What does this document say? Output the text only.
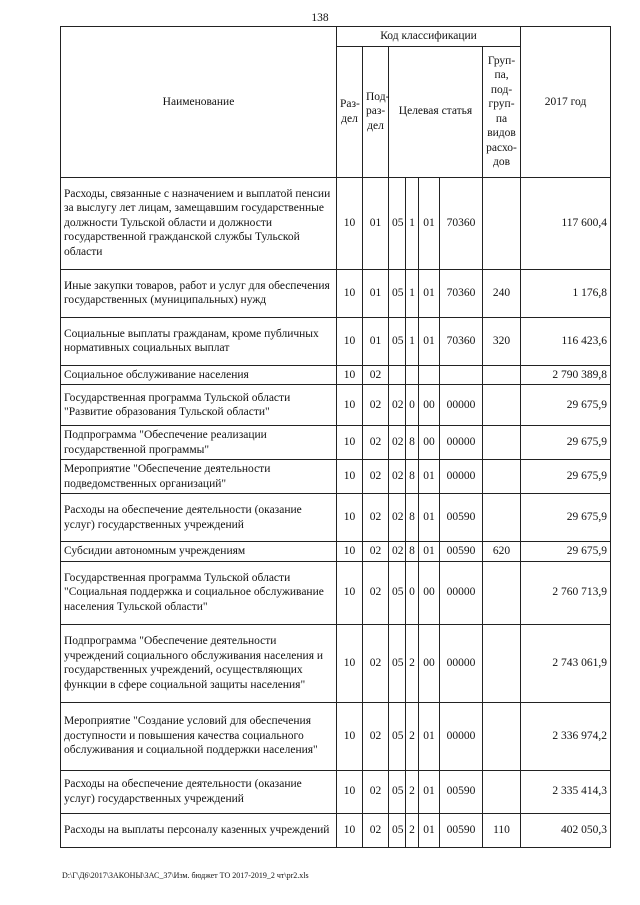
138
Наименование	Код классификации							2017 год
	Раз-дел	Под-раз-дел	Целевая статья				Груп-па, под-груп-па видов расхо-дов	
Расходы, связанные с назначением и выплатой пенсии за выслугу лет лицам, замещавшим государственные должности Тульской области и должности государственной гражданской службы Тульской области	10	01	05	1	01	70360		117 600,4
Иные закупки товаров, работ и услуг для обеспечения государственных (муниципальных) нужд	10	01	05	1	01	70360	240	1 176,8
Социальные выплаты гражданам, кроме публичных нормативных социальных выплат	10	01	05	1	01	70360	320	116 423,6
Социальное обслуживание населения	10	02						2 790 389,8
Государственная программа Тульской области "Развитие образования Тульской области"	10	02	02	0	00	00000		29 675,9
Подпрограмма "Обеспечение реализации государственной программы"	10	02	02	8	00	00000		29 675,9
Мероприятие "Обеспечение деятельности подведомственных организаций"	10	02	02	8	01	00000		29 675,9
Расходы на обеспечение деятельности (оказание услуг) государственных учреждений	10	02	02	8	01	00590		29 675,9
Субсидии автономным учреждениям	10	02	02	8	01	00590	620	29 675,9
Государственная программа Тульской области "Социальная поддержка и социальное обслуживание населения Тульской области"	10	02	05	0	00	00000		2 760 713,9
Подпрограмма "Обеспечение деятельности учреждений социального обслуживания населения и государственных учреждений, осуществляющих функции в сфере социальной защиты населения"	10	02	05	2	00	00000		2 743 061,9
Мероприятие "Создание условий для обеспечения доступности и повышения качества социального обслуживания и социальной поддержки населения"	10	02	05	2	01	00000		2 336 974,2
Расходы на обеспечение деятельности (оказание услуг) государственных учреждений	10	02	05	2	01	00590		2 335 414,3
Расходы на выплаты персоналу казенных учреждений	10	02	05	2	01	00590	110	402 050,3
D:\Г\Д6\2017\ЗАКОНЫ\ЗАС_37\Изм. бюджет ТО 2017-2019_2 чт\pr2.xls
